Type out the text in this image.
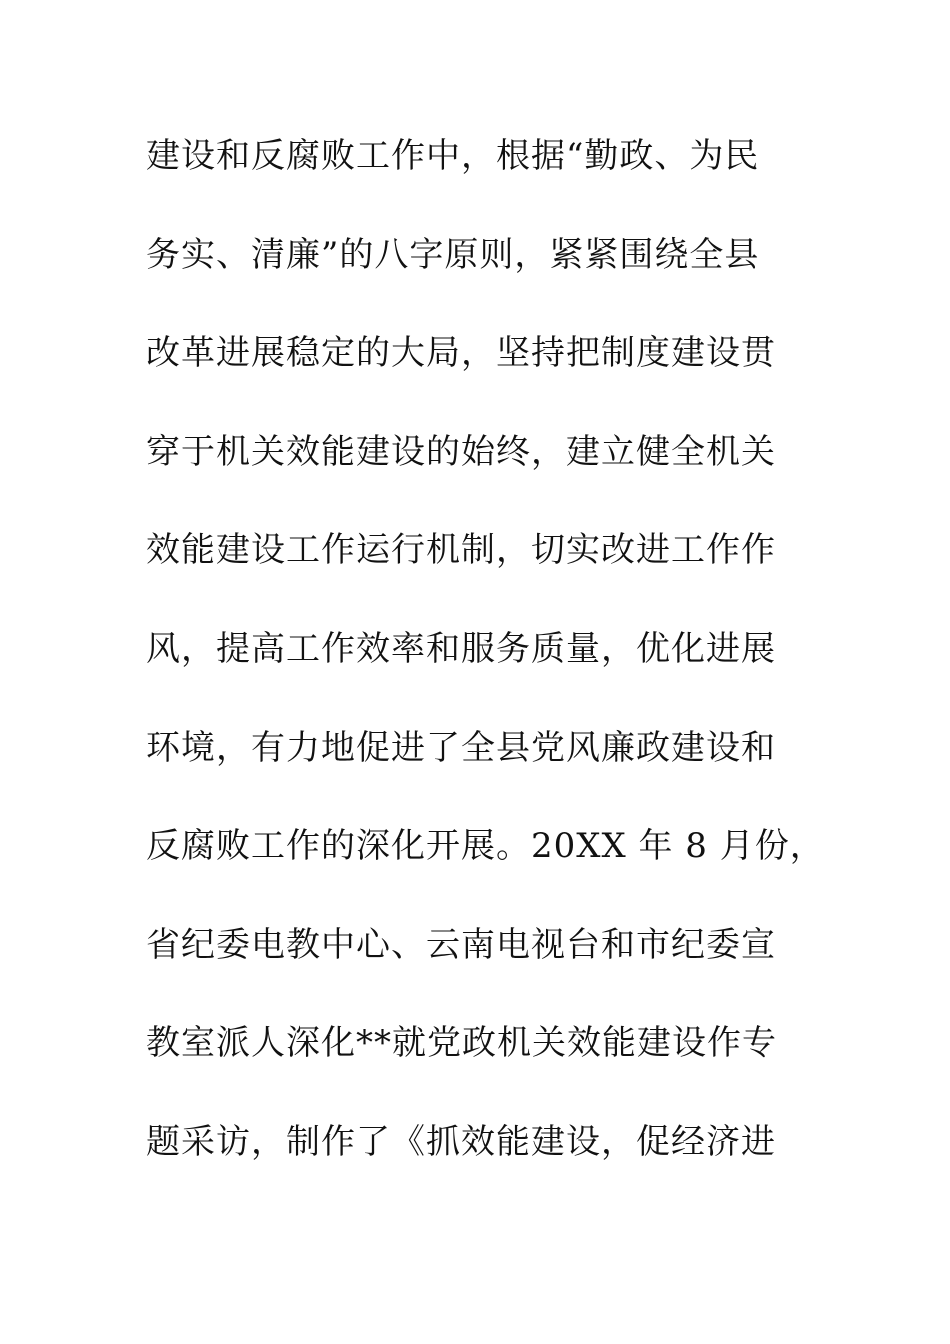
建设和反腐败工作中，根据“勤政、为民
务实、清廉”的八字原则，紧紧围绕全县
改革进展稳定的大局，坚持把制度建设贯
穿于机关效能建设的始终，建立健全机关
效能建设工作运行机制，切实改进工作作
风，提高工作效率和服务质量，优化进展
环境，有力地促进了全县党风廉政建设和
反腐败工作的深化开展。20XX 年 8 月份，
省纪委电教中心、云南电视台和市纪委宣
教室派人深化**就党政机关效能建设作专
题采访，制作了《抓效能建设，促经济进
